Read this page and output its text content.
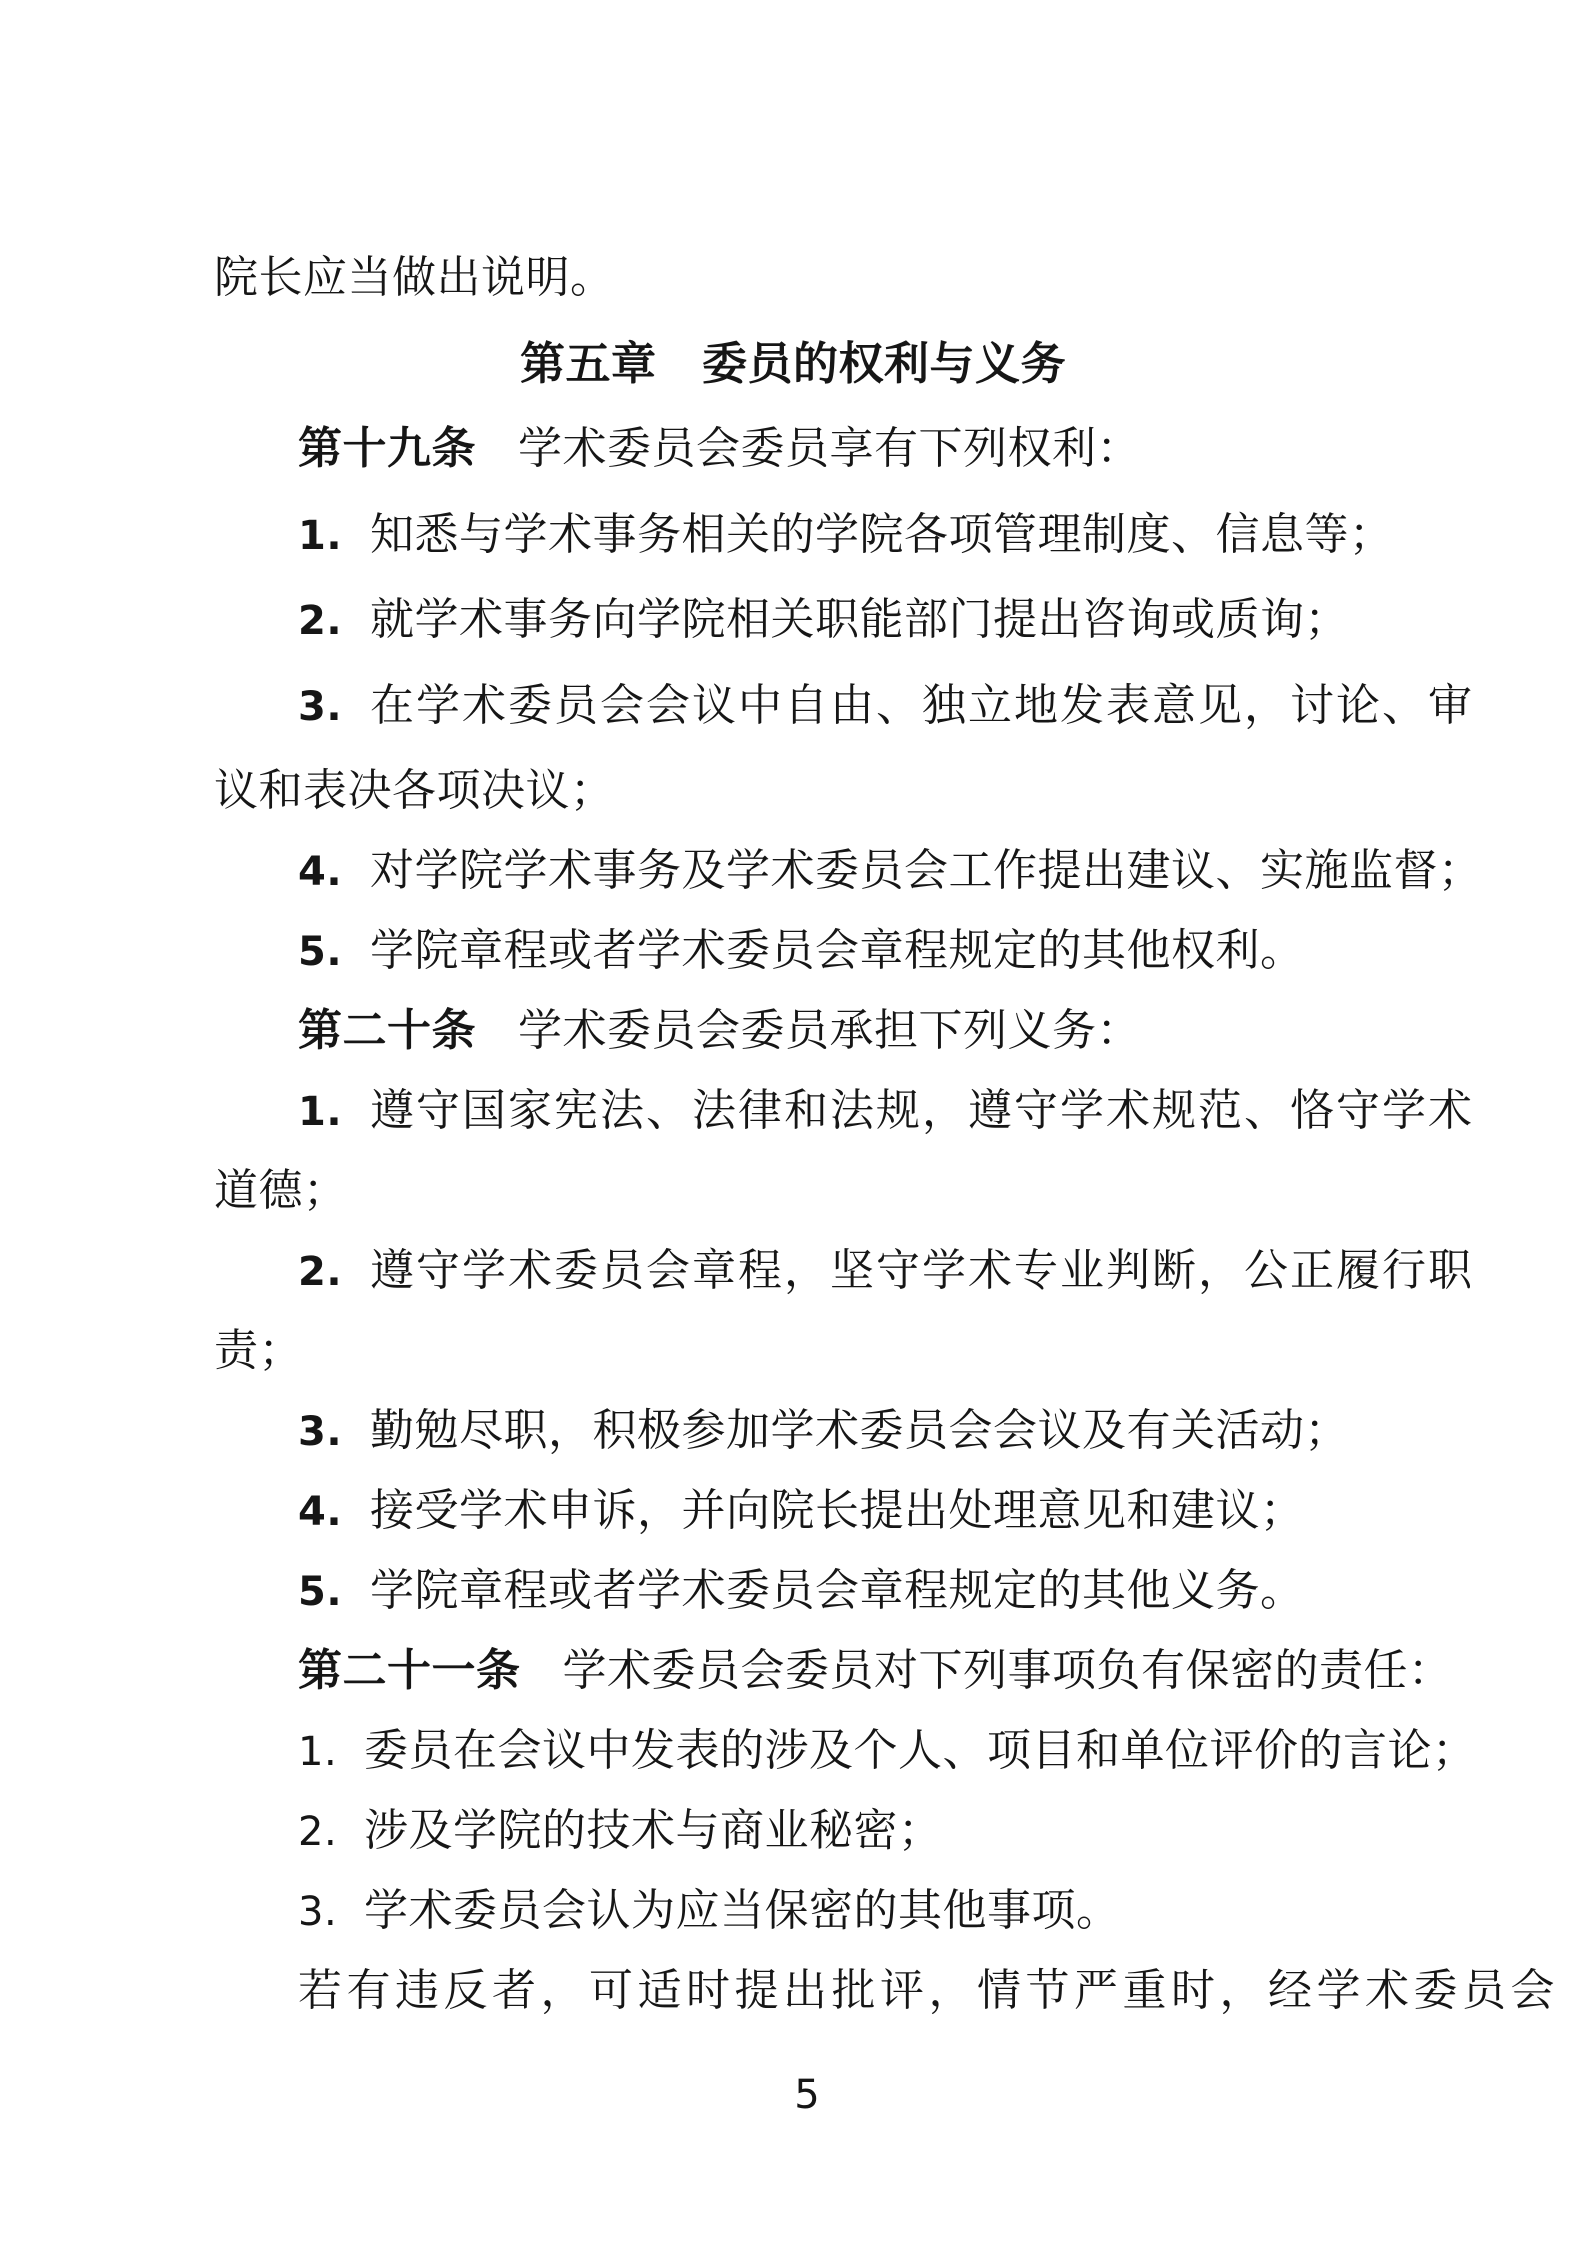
院长应当做出说明。
第五章　委员的权利与义务
第十九条 学术委员会委员享有下列权利：
1. 知悉与学术事务相关的学院各项管理制度、信息等；
2. 就学术事务向学院相关职能部门提出咨询或质询；
3. 在学术委员会会议中自由、独立地发表意见，讨论、审
议和表决各项决议；
4. 对学院学术事务及学术委员会工作提出建议、实施监督；
5. 学院章程或者学术委员会章程规定的其他权利。
第二十条 学术委员会委员承担下列义务：
1. 遵守国家宪法、法律和法规，遵守学术规范、恪守学术
道德；
2. 遵守学术委员会章程，坚守学术专业判断，公正履行职
责；
3. 勤勉尽职，积极参加学术委员会会议及有关活动；
4. 接受学术申诉，并向院长提出处理意见和建议；
5. 学院章程或者学术委员会章程规定的其他义务。
第二十一条 学术委员会委员对下列事项负有保密的责任：
1. 委员在会议中发表的涉及个人、项目和单位评价的言论；
2. 涉及学院的技术与商业秘密；
3. 学术委员会认为应当保密的其他事项。
若有违反者，可适时提出批评，情节严重时，经学术委员会
5
